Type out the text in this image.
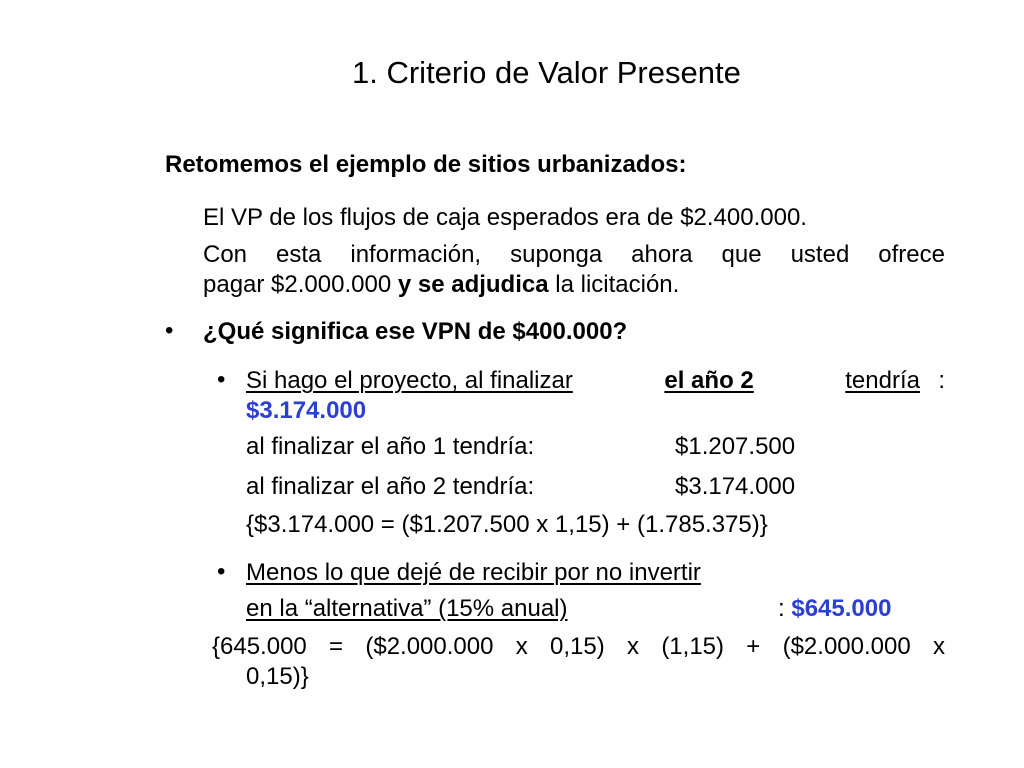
1. Criterio de Valor Presente
Retomemos el ejemplo de sitios urbanizados:
El VP de los flujos de caja esperados era de $2.400.000.
Con esta información, suponga ahora que usted ofrece
pagar $2.000.000 y se adjudica la licitación.
• ¿Qué significa ese VPN de $400.000?
• Si hago el proyecto, al finalizar	el año 2	tendría :
$3.174.000
al finalizar el año 1 tendría:	$1.207.500
al finalizar el año 2 tendría:	$3.174.000
{$3.174.000 = ($1.207.500 x 1,15) + (1.785.375)}
• Menos lo que dejé de recibir por no invertir
en la “alternativa” (15% anual)	: $645.000
{645.000 = ($2.000.000 x 0,15) x (1,15) + ($2.000.000 x
0,15)}
